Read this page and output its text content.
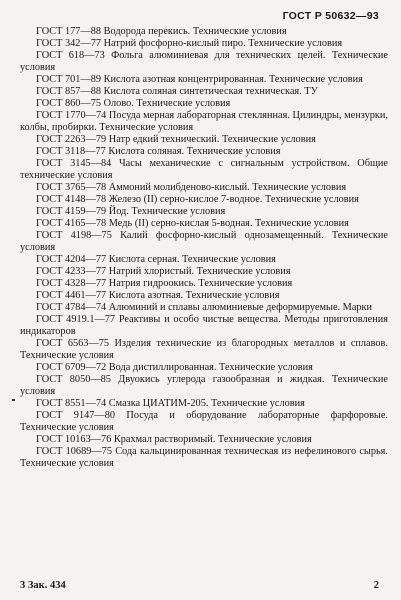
ГОСТ Р 50632—93
ГОСТ 177—88 Водорода перекись. Технические условия
ГОСТ 342—77 Натрий фосфорно-кислый пиро. Технические условия
ГОСТ 618—73 Фольга алюминиевая для технических целей. Технические условия
ГОСТ 701—89 Кислота азотная концентрированная. Технические условия
ГОСТ 857—88 Кислота соляная синтетическая техническая. ТУ
ГОСТ 860—75 Олово. Технические условия
ГОСТ 1770—74 Посуда мерная лабораторная стеклянная. Цилиндры, мензурки, колбы, пробирки. Технические условия
ГОСТ 2263—79 Натр едкий технический. Технические условия
ГОСТ 3118—77 Кислота соляная. Технические условия
ГОСТ 3145—84 Часы механические с сигнальным устройством. Общие технические условия
ГОСТ 3765—78 Аммоний молибденово-кислый. Технические условия
ГОСТ 4148—78 Железо (II) серно-кислое 7-водное. Технические условия
ГОСТ 4159—79 Йод. Технические условия
ГОСТ 4165—78 Медь (II) серно-кислая 5-водная. Технические условия
ГОСТ 4198—75 Калий фосфорно-кислый однозамещенный. Технические условия
ГОСТ 4204—77 Кислота серная. Технические условия
ГОСТ 4233—77 Натрий хлористый. Технические условия
ГОСТ 4328—77 Натрия гидроокись. Технические условия
ГОСТ 4461—77 Кислота азотная. Технические условия
ГОСТ 4784—74 Алюминий и сплавы алюминиевые деформируемые. Марки
ГОСТ 4919.1—77 Реактивы и особо чистые вещества. Методы приготовления индикаторов
ГОСТ 6563—75 Изделия технические из благородных металлов и сплавов. Технические условия
ГОСТ 6709—72 Вода дистиллированная. Технические условия
ГОСТ 8050—85 Двуокись углерода газообразная и жидкая. Технические условия
ГОСТ 8551—74 Смазка ЦИАТИМ-205. Технические условия
ГОСТ 9147—80 Посуда и оборудование лабораторные фарфоровые. Технические условия
ГОСТ 10163—76 Крахмал растворимый. Технические условия
ГОСТ 10689—75 Сода кальцинированная техническая из нефелинового сырья. Технические условия
3 Зак. 434	2
